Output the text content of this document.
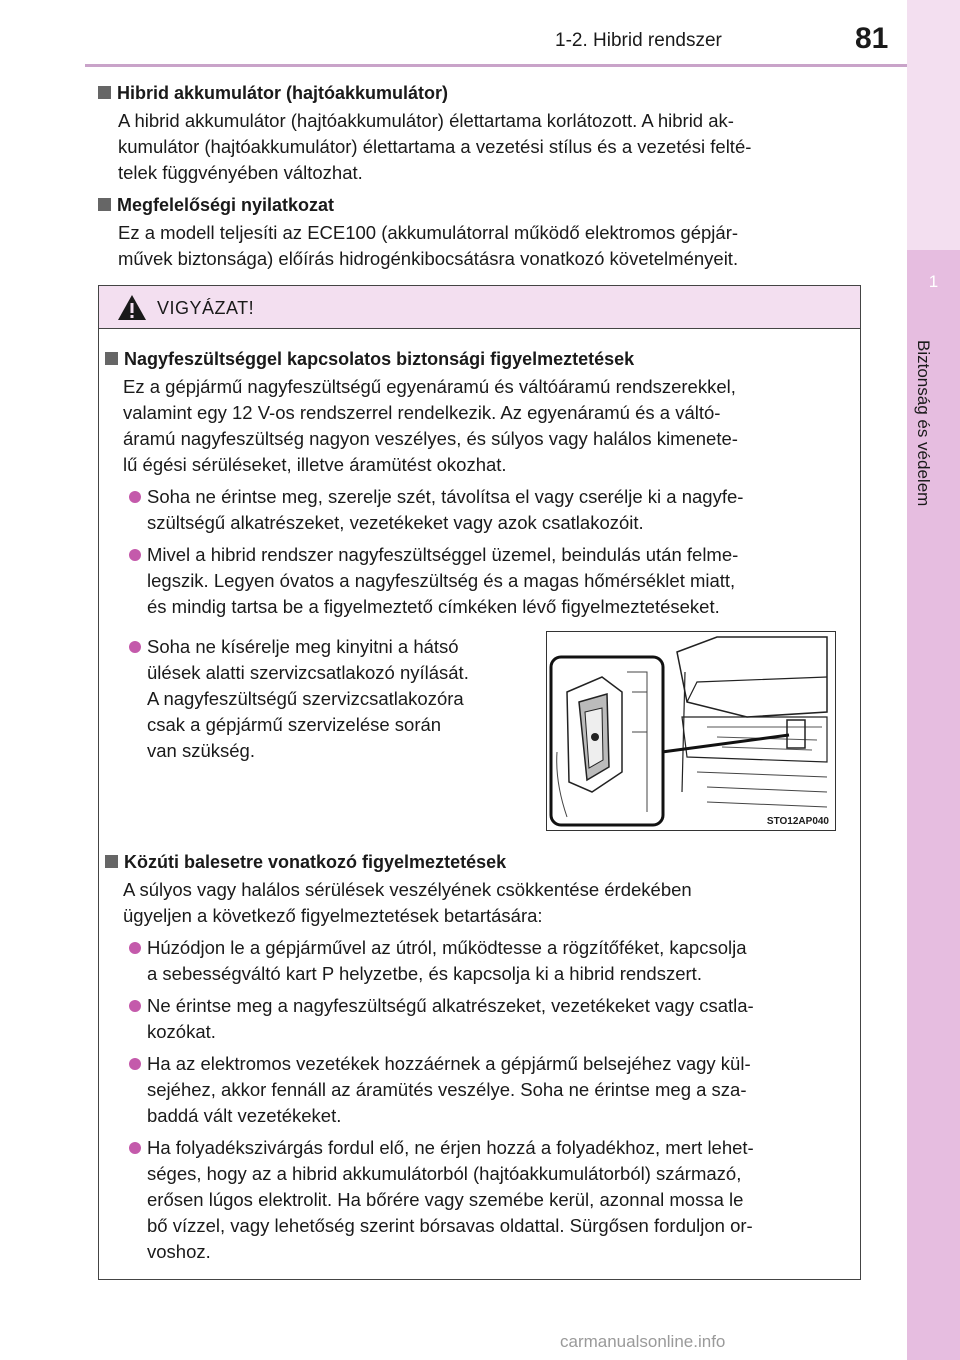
1-2. Hibrid rendszer	81
1
Biztonság és védelem

Hibrid akkumulátor (hajtóakkumulátor)

A hibrid akkumulátor (hajtóakkumulátor) élettartama korlátozott. A hibrid ak-
kumulátor (hajtóakkumulátor) élettartama a vezetési stílus és a vezetési felté-
telek függvényében változhat.

Megfelelőségi nyilatkozat

Ez a modell teljesíti az ECE100 (akkumulátorral működő elektromos gépjár-
művek biztonsága) előírás hidrogénkibocsátásra vonatkozó követelményeit.

VIGYÁZAT!

Nagyfeszültséggel kapcsolatos biztonsági figyelmeztetések

Ez a gépjármű nagyfeszültségű egyenáramú és váltóáramú rendszerekkel,
valamint egy 12 V-os rendszerrel rendelkezik. Az egyenáramú és a váltó-
áramú nagyfeszültség nagyon veszélyes, és súlyos vagy halálos kimenete-
lű égési sérüléseket, illetve áramütést okozhat.

Soha ne érintse meg, szerelje szét, távolítsa el vagy cserélje ki a nagyfe-
szültségű alkatrészeket, vezetékeket vagy azok csatlakozóit.
Mivel a hibrid rendszer nagyfeszültséggel üzemel, beindulás után felme-
legszik. Legyen óvatos a nagyfeszültség és a magas hőmérséklet miatt,
és mindig tartsa be a figyelmeztető címkéken lévő figyelmeztetéseket.
Soha ne kísérelje meg kinyitni a hátsó
ülések alatti szervizcsatlakozó nyílását.
A nagyfeszültségű szervizcsatlakozóra
csak a gépjármű szervizelése során
van szükség.
STO12AP040

Közúti balesetre vonatkozó figyelmeztetések

A súlyos vagy halálos sérülések veszélyének csökkentése érdekében
ügyeljen a következő figyelmeztetések betartására:

Húzódjon le a gépjárművel az útról, működtesse a rögzítőféket, kapcsolja
a sebességváltó kart P helyzetbe, és kapcsolja ki a hibrid rendszert.
Ne érintse meg a nagyfeszültségű alkatrészeket, vezetékeket vagy csatla-
kozókat.
Ha az elektromos vezetékek hozzáérnek a gépjármű belsejéhez vagy kül-
sejéhez, akkor fennáll az áramütés veszélye. Soha ne érintse meg a sza-
baddá vált vezetékeket.
Ha folyadékszivárgás fordul elő, ne érjen hozzá a folyadékhoz, mert lehet-
séges, hogy az a hibrid akkumulátorból (hajtóakkumulátorból) származó,
erősen lúgos elektrolit. Ha bőrére vagy szemébe kerül, azonnal mossa le
bő vízzel, vagy lehetőség szerint bórsavas oldattal. Sürgősen forduljon or-
voshoz.
carmanualsonline.info
